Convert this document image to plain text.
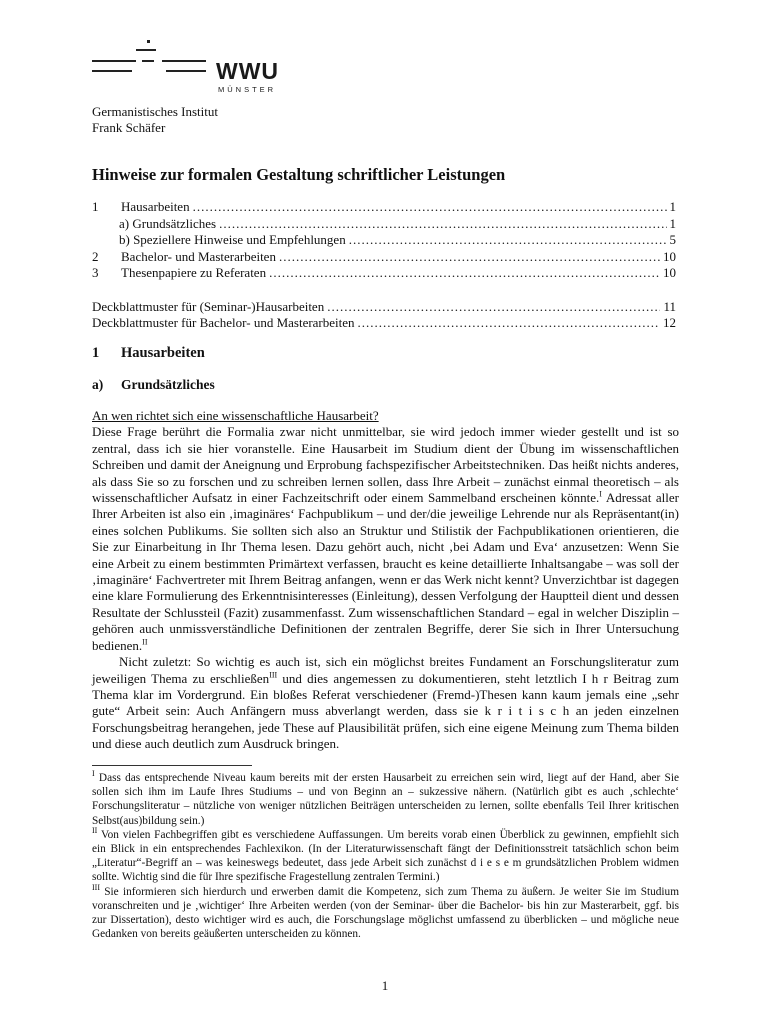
WWU
MÜNSTER
Germanistisches Institut
Frank Schäfer
Hinweise zur formalen Gestaltung schriftlicher Leistungen
1	Hausarbeiten .....	1
a) Grundsätzliches .....	1
b) Speziellere Hinweise und Empfehlungen .....	5
2	Bachelor- und Masterarbeiten .....	10
3	Thesenpapiere zu Referaten .....	10
Deckblattmuster für (Seminar-)Hausarbeiten .....	11
Deckblattmuster für Bachelor- und Masterarbeiten .....	12
1 Hausarbeiten
a) Grundsätzliches

An wen richtet sich eine wissenschaftliche Hausarbeit?

Diese Frage berührt die Formalia zwar nicht unmittelbar, sie wird jedoch immer wieder gestellt und ist so zentral, dass ich sie hier voranstelle. Eine Hausarbeit im Studium dient der Übung im wissenschaftlichen Schreiben und damit der Aneignung und Erprobung fachspezifischer Arbeitstechniken. Das heißt nichts anderes, als dass Sie so zu forschen und zu schreiben lernen sollen, dass Ihre Arbeit – zunächst einmal theoretisch – als wissenschaftlicher Aufsatz in einer Fachzeitschrift oder einem Sammelband erscheinen könnte.$^I$ Adressat aller Ihrer Arbeiten ist also ein ‚imaginäres‘ Fachpublikum – und der/die jeweilige Lehrende nur als Repräsentant(in) eines solchen Publikums. Sie sollten sich also an Struktur und Stilistik der Fachpublikationen orientieren, die Sie zur Einarbeitung in Ihr Thema lesen. Dazu gehört auch, nicht ‚bei Adam und Eva‘ anzusetzen: Wenn Sie eine Arbeit zu einem bestimmten Primärtext verfassen, braucht es keine detaillierte Inhaltsangabe – was soll der ‚imaginäre‘ Fachvertreter mit Ihrem Beitrag anfangen, wenn er das Werk nicht kennt? Unverzichtbar ist dagegen eine klare Formulierung des Erkenntnisinteresses (Einleitung), dessen Verfolgung der Hauptteil dient und dessen Resultate der Schlussteil (Fazit) zusammenfasst. Zum wissenschaftlichen Standard – egal in welcher Disziplin – gehören auch unmissverständliche Definitionen der zentralen Begriffe, derer Sie sich in Ihrer Untersuchung bedienen.$^{II}$

Nicht zuletzt: So wichtig es auch ist, sich ein möglichst breites Fundament an Forschungsliteratur zum jeweiligen Thema zu erschließen$^{III}$ und dies angemessen zu dokumentieren, steht letztlich I h r Beitrag zum Thema klar im Vordergrund. Ein bloßes Referat verschiedener (Fremd-)Thesen kann kaum jemals eine „sehr gute“ Arbeit sein: Auch Anfängern muss abverlangt werden, dass sie k r i t i s c h an jeden einzelnen Forschungsbeitrag herangehen, jede These auf Plausibilität prüfen, sich eine eigene Meinung zum Thema bilden und diese auch deutlich zum Ausdruck bringen.

$^I$ Dass das entsprechende Niveau kaum bereits mit der ersten Hausarbeit zu erreichen sein wird, liegt auf der Hand, aber Sie sollen sich ihm im Laufe Ihres Studiums – und von Beginn an – sukzessive nähern. (Natürlich gibt es auch ‚schlechte‘ Forschungsliteratur – nützliche von weniger nützlichen Beiträgen unterscheiden zu lernen, sollte ebenfalls Teil Ihrer kritischen Selbst(aus)bildung sein.)

$^{II}$ Von vielen Fachbegriffen gibt es verschiedene Auffassungen. Um bereits vorab einen Überblick zu gewinnen, empfiehlt sich ein Blick in ein entsprechendes Fachlexikon. (In der Literaturwissenschaft fängt der Definitionsstreit tatsächlich schon beim „Literatur“-Begriff an – was keineswegs bedeutet, dass jede Arbeit sich zunächst d i e s e m grundsätzlichen Problem widmen sollte. Wichtig sind die für Ihre spezifische Fragestellung zentralen Termini.)

$^{III}$ Sie informieren sich hierdurch und erwerben damit die Kompetenz, sich zum Thema zu äußern. Je weiter Sie im Studium voranschreiten und je ‚wichtiger‘ Ihre Arbeiten werden (von der Seminar- über die Bachelor- bis hin zur Masterarbeit, ggf. bis zur Dissertation), desto wichtiger wird es auch, die Forschungslage möglichst umfassend zu überblicken – und mögliche neue Gedanken von bereits geäußerten unterscheiden zu können.

1
